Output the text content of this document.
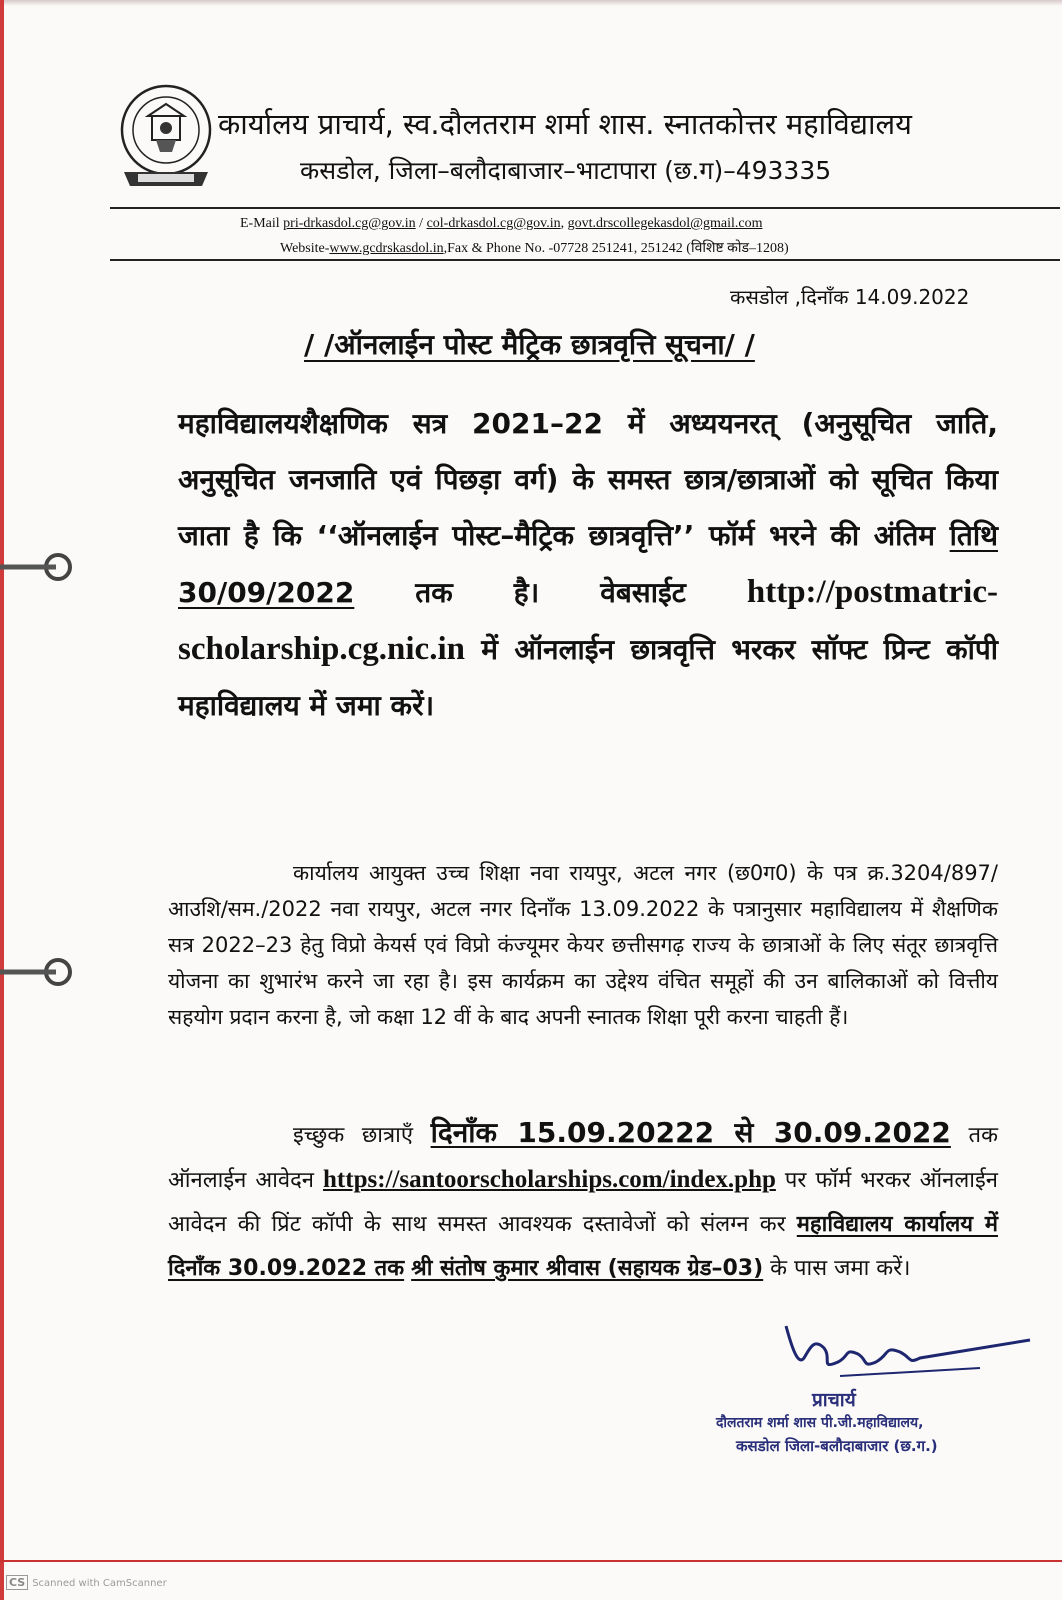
कार्यालय प्राचार्य, स्व.दौलतराम शर्मा शास. स्नातकोत्तर महाविद्यालय
कसडोल, जिला–बलौदाबाजार–भाटापारा (छ.ग)–493335
E-Mail pri-drkasdol.cg@gov.in / col-drkasdol.cg@gov.in, govt.drscollegekasdol@gmail.com
Website-www.gcdrskasdol.in,Fax & Phone No. -07728 251241, 251242 (विशिष्ट कोड–1208)
कसडोल ,दिनाँक 14.09.2022
/ /ऑनलाईन पोस्ट मैट्रिक छात्रवृत्ति सूचना/ /
महाविद्यालयशैक्षणिक सत्र 2021–22 में अध्ययनरत् (अनुसूचित जाति, अनुसूचित जनजाति एवं पिछड़ा वर्ग) के समस्त छात्र/छात्राओं को सूचित किया जाता है कि ‘‘ऑनलाईन पोस्ट–मैट्रिक छात्रवृत्ति’’ फॉर्म भरने की अंतिम तिथि 30/09/2022 तक है। वेबसाईट http://postmatric-scholarship.cg.nic.in में ऑनलाईन छात्रवृत्ति भरकर सॉफ्ट प्रिन्ट कॉपी महाविद्यालय में जमा करें।
कार्यालय आयुक्त उच्च शिक्षा नवा रायपुर, अटल नगर (छ0ग0) के पत्र क्र.3204/897/आउशि/सम./2022 नवा रायपुर, अटल नगर दिनाँक 13.09.2022 के पत्रानुसार महाविद्यालय में शैक्षणिक सत्र 2022–23 हेतु विप्रो केयर्स एवं विप्रो कंज्यूमर केयर छत्तीसगढ़ राज्य के छात्राओं के लिए संतूर छात्रवृत्ति योजना का शुभारंभ करने जा रहा है। इस कार्यक्रम का उद्देश्य वंचित समूहों की उन बालिकाओं को वित्तीय सहयोग प्रदान करना है, जो कक्षा 12 वीं के बाद अपनी स्नातक शिक्षा पूरी करना चाहती हैं।
इच्छुक छात्राएँ दिनाँक 15.09.20222 से 30.09.2022 तक ऑनलाईन आवेदन https://santoorscholarships.com/index.php पर फॉर्म भरकर ऑनलाईन आवेदन की प्रिंट कॉपी के साथ समस्त आवश्यक दस्तावेजों को संलग्न कर महाविद्यालय कार्यालय में दिनाँक 30.09.2022 तक श्री संतोष कुमार श्रीवास (सहायक ग्रेड–03) के पास जमा करें।
प्राचार्य
दौलतराम शर्मा शास पी.जी.महाविद्यालय,
कसडोल जिला-बलौदाबाजार (छ.ग.)
CS Scanned with CamScanner
